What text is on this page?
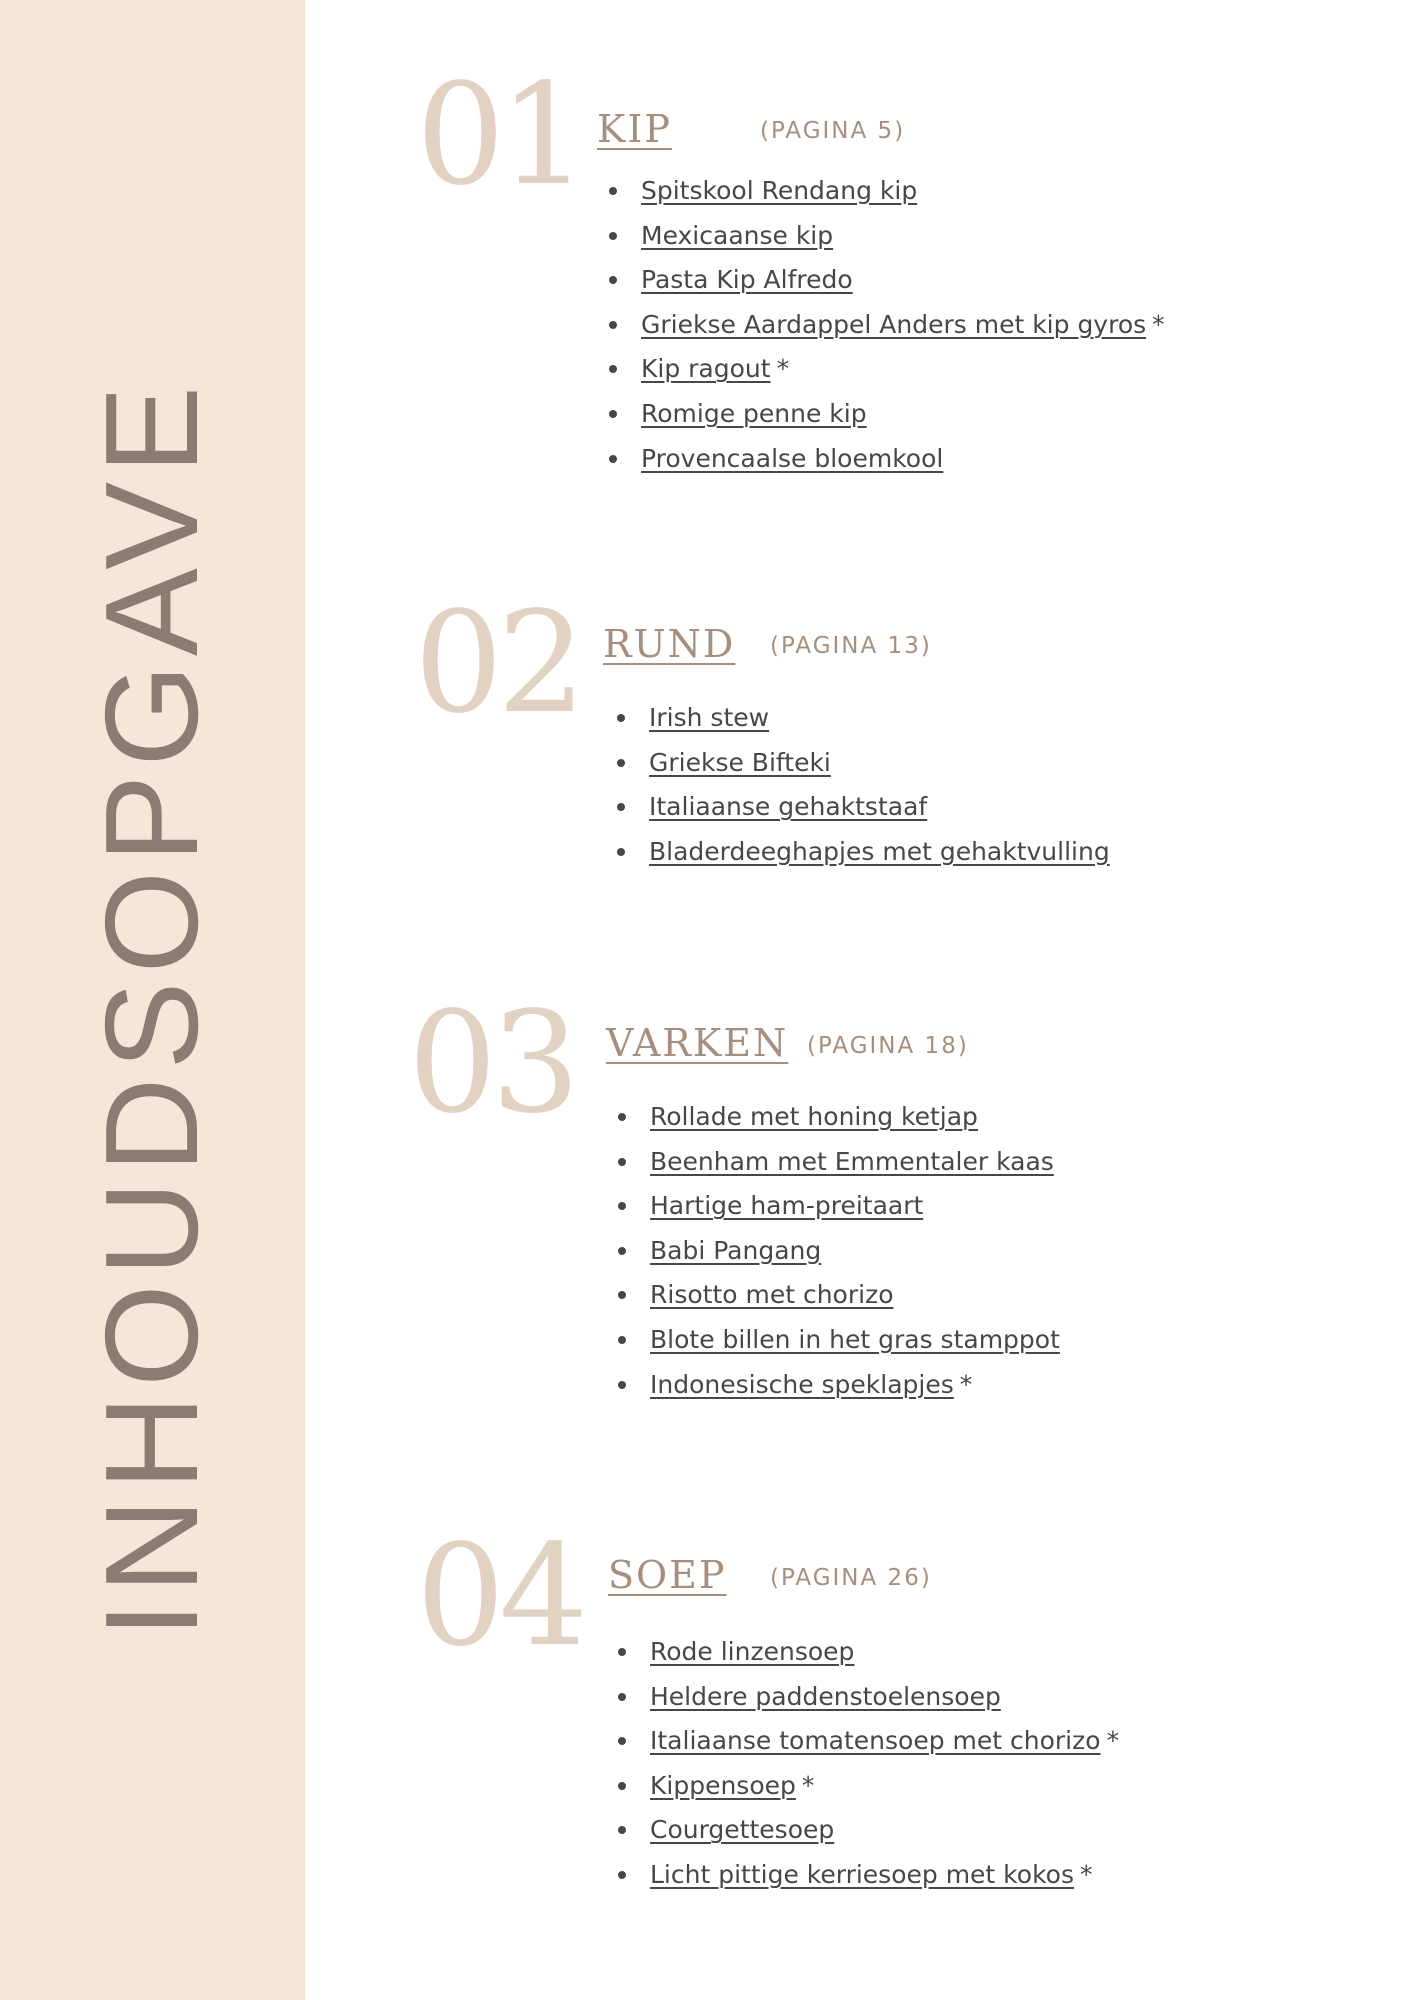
INHOUDSOPGAVE
01 KIP	(PAGINA 5)
Spitskool Rendang kip
Mexicaanse kip
Pasta Kip Alfredo
Griekse Aardappel Anders met kip gyros *
Kip ragout *
Romige penne kip
Provencaalse bloemkool
02 RUND (PAGINA 13)
Irish stew
Griekse Bifteki
Italiaanse gehaktstaaf
Bladerdeeghapjes met gehaktvulling
03 VARKEN (PAGINA 18)
Rollade met honing ketjap
Beenham met Emmentaler kaas
Hartige ham-preitaart
Babi Pangang
Risotto met chorizo
Blote billen in het gras stamppot
Indonesische speklapjes *
04 SOEP (PAGINA 26)
Rode linzensoep
Heldere paddenstoelensoep
Italiaanse tomatensoep met chorizo *
Kippensoep *
Courgettesoep
Licht pittige kerriesoep met kokos *
